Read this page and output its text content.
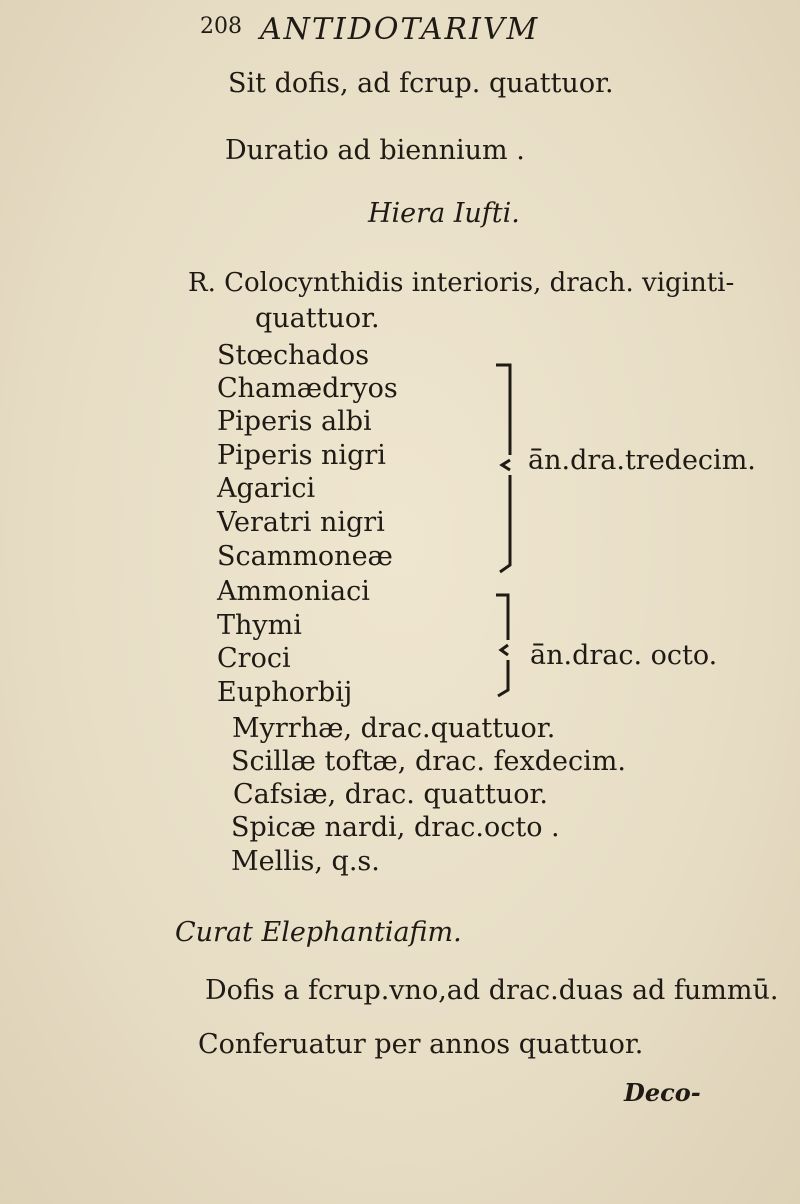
208 ANTIDOTARIVM
Sit dofis, ad fcrup. quattuor.
Duratio ad biennium .
Hiera Iufti.
R. Colocynthidis interioris, drach. viginti-
quattuor.
Stœchados
Chamædryos
Piperis albi
Piperis nigri
Agarici
Veratri nigri
Scammoneæ
ā̄n.dra.tredecim.
Ammoniaci
Thymi
Croci
Euphorbij
ā̄n.drac. octo.
Myrrhæ, drac.quattuor.
Scillæ toftæ, drac. fexdecim.
Cafsiæ, drac. quattuor.
Spicæ nardi, drac.octo .
Mellis, q.s.
Curat Elephantiafim.
Dofis a fcrup.vno,ad drac.duas ad fummū.
Conferuatur per annos quattuor.
Deco-
